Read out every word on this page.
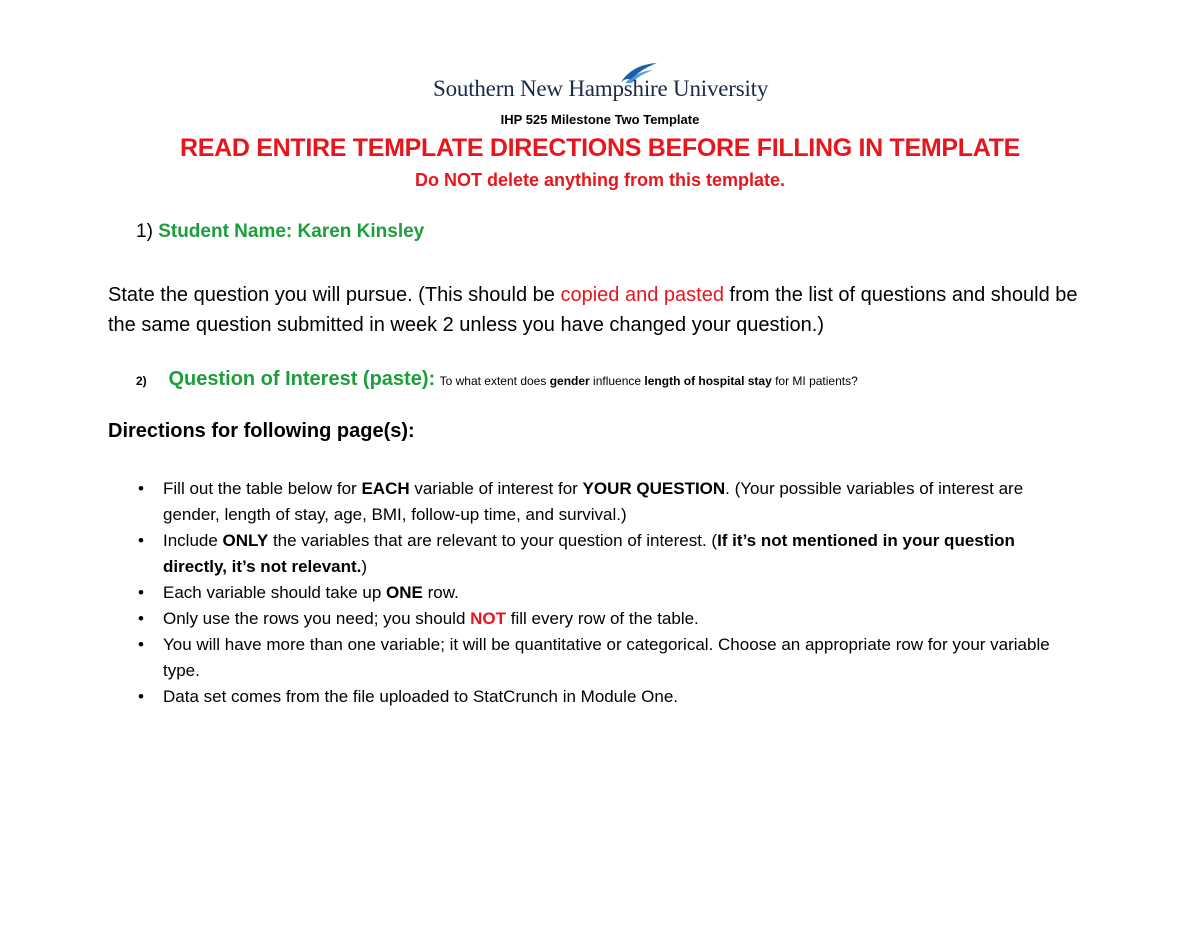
Southern New Hampshire University
IHP 525 Milestone Two Template
READ ENTIRE TEMPLATE DIRECTIONS BEFORE FILLING IN TEMPLATE
Do NOT delete anything from this template.
1) Student Name: Karen Kinsley
State the question you will pursue. (This should be copied and pasted from the list of questions and should be the same question submitted in week 2 unless you have changed your question.)
2) Question of Interest (paste): To what extent does gender influence length of hospital stay for MI patients?
Directions for following page(s):
• Fill out the table below for EACH variable of interest for YOUR QUESTION. (Your possible variables of interest are gender, length of stay, age, BMI, follow-up time, and survival.)
• Include ONLY the variables that are relevant to your question of interest. (If it’s not mentioned in your question directly, it’s not relevant.)
• Each variable should take up ONE row.
• Only use the rows you need; you should NOT fill every row of the table.
• You will have more than one variable; it will be quantitative or categorical. Choose an appropriate row for your variable type.
• Data set comes from the file uploaded to StatCrunch in Module One.
